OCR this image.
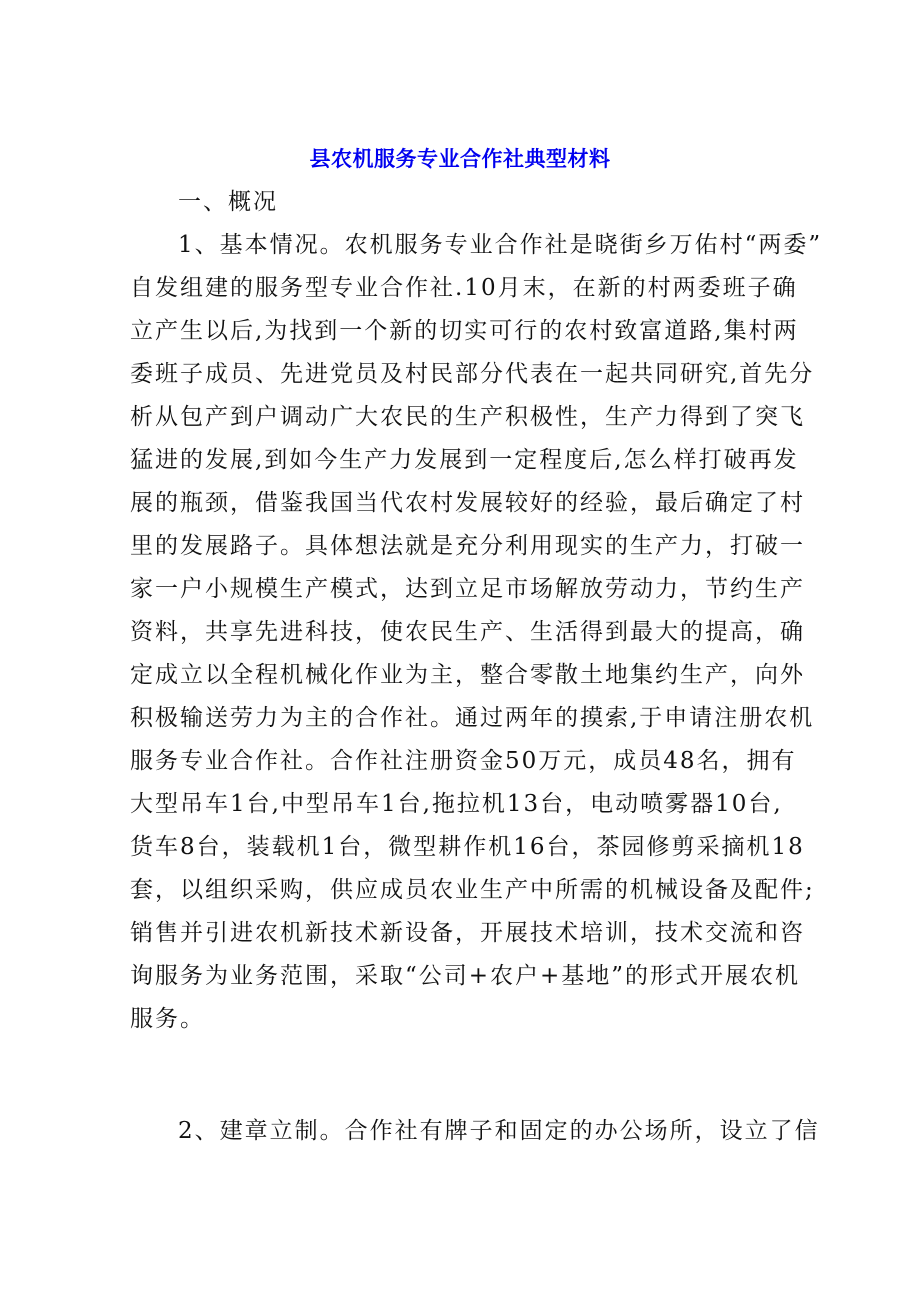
县农机服务专业合作社典型材料
一、概况
1、基本情况。农机服务专业合作社是晓街乡万佑村“两委”
自发组建的服务型专业合作社.10月末，在新的村两委班子确
立产生以后,为找到一个新的切实可行的农村致富道路,集村两
委班子成员、先进党员及村民部分代表在一起共同研究,首先分
析从包产到户调动广大农民的生产积极性，生产力得到了突飞
猛进的发展,到如今生产力发展到一定程度后,怎么样打破再发
展的瓶颈，借鉴我国当代农村发展较好的经验，最后确定了村
里的发展路子。具体想法就是充分利用现实的生产力，打破一
家一户小规模生产模式，达到立足市场解放劳动力，节约生产
资料，共享先进科技，使农民生产、生活得到最大的提高，确
定成立以全程机械化作业为主，整合零散土地集约生产，向外
积极输送劳力为主的合作社。通过两年的摸索,于申请注册农机
服务专业合作社。合作社注册资金50万元，成员48名，拥有
大型吊车1台,中型吊车1台,拖拉机13台，电动喷雾器10台,
货车8台，装载机1台，微型耕作机16台，茶园修剪采摘机18
套，以组织采购，供应成员农业生产中所需的机械设备及配件;
销售并引进农机新技术新设备，开展技术培训，技术交流和咨
询服务为业务范围，采取“公司+农户+基地”的形式开展农机
服务。
2、建章立制。合作社有牌子和固定的办公场所，设立了信
